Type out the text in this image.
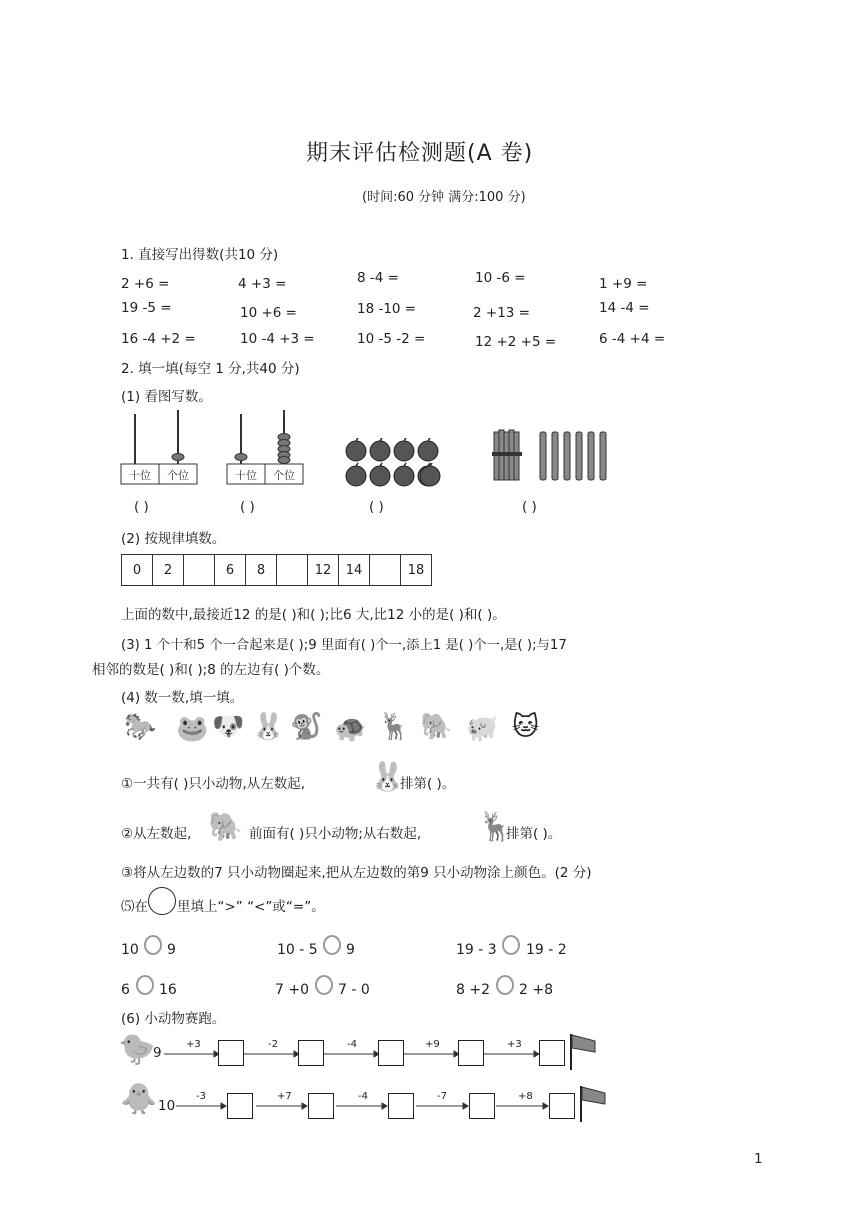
期末评估检测题(A 卷)
(时间:60 分钟 满分:100 分)
1. 直接写出得数(共10 分)
2 +6 =	4 +3 =	8 -4 =	10 -6 =	1 +9 =
19 -5 =	10 +6 =	18 -10 =	2 +13 =	14 -4 =
16 -4 +2 =	10 -4 +3 =	10 -5 -2 =	12 +2 +5 =	6 -4 +4 =
2. 填一填(每空 1 分,共40 分)
(1) 看图写数。
十位 个位	十位 个位
( )	( )	( )	( )
(2) 按规律填数。
0	2		6	8		12	14		18
上面的数中,最接近12 的是( )和( );比6 大,比12 小的是( )和( )。
(3) 1 个十和5 个一合起来是( );9 里面有( )个一,添上1 是( )个一,是( );与17
相邻的数是( )和( );8 的左边有( )个数。
(4) 数一数,填一填。
🐎 🐸 🐶 🐰 🐒 🐢 🦌 🐘 🐖 🐱
①一共有( )只小动物,从左数起, 🐰
排第( )。
②从左数起, 🐘 前面有( )只小动物;从右数起, 🦌
排第( )。
③将从左边数的7 只小动物圈起来,把从左边数的第9 只小动物涂上颜色。(2 分)
⑸在 里填上“>” “<”或“=”。
10 9	10 - 5 9	19 - 3 19 - 2
6 16	7 +0 7 - 0	8 +2 2 +8
(6) 小动物赛跑。
🐤
9
+3	-2	-4	+9	+3
🐥 10
-3	+7	-4	-7	+8
1
